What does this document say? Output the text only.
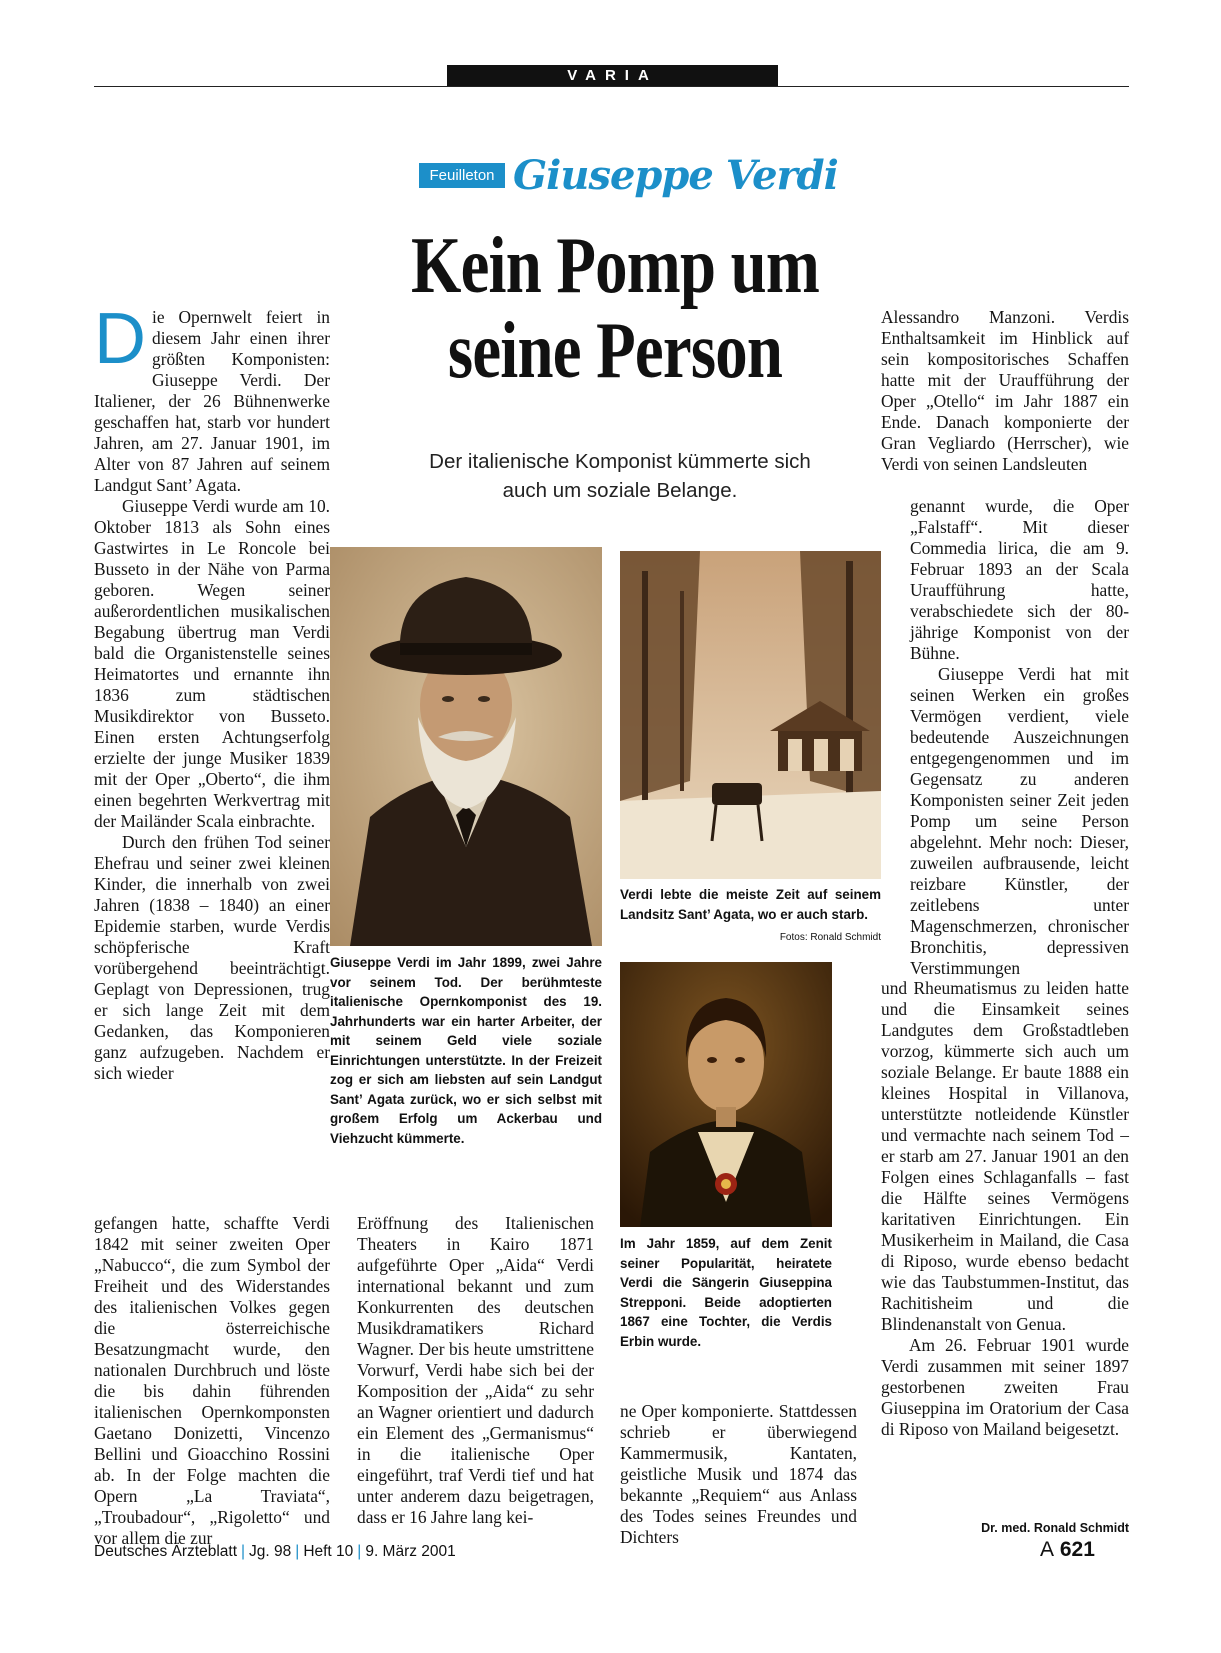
VARIA
Feuilleton Giuseppe Verdi
Kein Pomp um
seine Person
Der italienische Komponist kümmerte sich
auch um soziale Belange.

Die Opernwelt feiert in diesem Jahr einen ihrer größten Komponisten: Giuseppe Verdi. Der Italiener, der 26 Bühnenwerke geschaffen hat, starb vor hundert Jahren, am 27. Januar 1901, im Alter von 87 Jahren auf seinem Landgut Sant’ Agata.

Giuseppe Verdi wurde am 10. Oktober 1813 als Sohn eines Gastwirtes in Le Roncole bei Busseto in der Nähe von Parma geboren. Wegen seiner außerordentlichen musikalischen Begabung übertrug man Verdi bald die Organistenstelle seines Heimatortes und ernannte ihn 1836 zum städtischen Musikdirektor von Busseto. Einen ersten Achtungserfolg erzielte der junge Musiker 1839 mit der Oper „Oberto“, die ihm einen begehrten Werkvertrag mit der Mailänder Scala einbrachte.

Durch den frühen Tod seiner Ehefrau und seiner zwei kleinen Kinder, die innerhalb von zwei Jahren (1838 – 1840) an einer Epidemie starben, wurde Verdis schöpferische Kraft vorübergehend beeinträchtigt. Geplagt von Depressionen, trug er sich lange Zeit mit dem Gedanken, das Komponieren ganz aufzugeben. Nachdem er sich wieder

gefangen hatte, schaffte Verdi 1842 mit seiner zweiten Oper „Nabucco“, die zum Symbol der Freiheit und des Widerstandes des italienischen Volkes gegen die österreichische Besatzungmacht wurde, den nationalen Durchbruch und löste die bis dahin führenden italienischen Opernkomponsten Gaetano Donizetti, Vincenzo Bellini und Gioacchino Rossini ab. In der Folge machten die Opern „La Traviata“, „Troubadour“, „Rigoletto“ und vor allem die zur

Giuseppe Verdi im Jahr 1899, zwei Jahre vor seinem Tod. Der berühmteste italienische Opernkomponist des 19. Jahrhunderts war ein harter Arbeiter, der mit seinem Geld viele soziale Einrichtungen unterstützte. In der Freizeit zog er sich am liebsten auf sein Landgut Sant’ Agata zurück, wo er sich selbst mit großem Erfolg um Ackerbau und Viehzucht kümmerte.
Verdi lebte die meiste Zeit auf seinem Landsitz Sant’ Agata, wo er auch starb.
Fotos: Ronald Schmidt
Im Jahr 1859, auf dem Zenit seiner Popularität, heiratete Verdi die Sängerin Giuseppina Strepponi. Beide adoptierten 1867 eine Tochter, die Verdis Erbin wurde.

Eröffnung des Italienischen Theaters in Kairo 1871 aufgeführte Oper „Aida“ Verdi international bekannt und zum Konkurrenten des deutschen Musikdramatikers Richard Wagner. Der bis heute umstrittene Vorwurf, Verdi habe sich bei der Komposition der „Aida“ zu sehr an Wagner orientiert und dadurch ein Element des „Germanismus“ in die italienische Oper eingeführt, traf Verdi tief und hat unter anderem dazu beigetragen, dass er 16 Jahre lang kei-

ne Oper komponierte. Stattdessen schrieb er überwiegend Kammermusik, Kantaten, geistliche Musik und 1874 das bekannte „Requiem“ aus Anlass des Todes seines Freundes und Dichters

Alessandro Manzoni. Verdis Enthaltsamkeit im Hinblick auf sein kompositorisches Schaffen hatte mit der Uraufführung der Oper „Otello“ im Jahr 1887 ein Ende. Danach komponierte der Gran Vegliardo (Herrscher), wie Verdi von seinen Landsleuten

genannt wurde, die Oper „Falstaff“. Mit dieser Commedia lirica, die am 9. Februar 1893 an der Scala Uraufführung hatte, verabschiedete sich der 80-jährige Komponist von der Bühne.

Giuseppe Verdi hat mit seinen Werken ein großes Vermögen verdient, viele bedeutende Auszeichnungen entgegengenommen und im Gegensatz zu anderen Komponisten seiner Zeit jeden Pomp um seine Person abgelehnt. Mehr noch: Dieser, zuweilen aufbrausende, leicht reizbare Künstler, der zeitlebens unter Magenschmerzen, chronischer Bronchitis, depressiven Verstimmungen

und Rheumatismus zu leiden hatte und die Einsamkeit seines Landgutes dem Großstadtleben vorzog, kümmerte sich auch um soziale Belange. Er baute 1888 ein kleines Hospital in Villanova, unterstützte notleidende Künstler und vermachte nach seinem Tod – er starb am 27. Januar 1901 an den Folgen eines Schlaganfalls – fast die Hälfte seines Vermögens karitativen Einrichtungen. Ein Musikerheim in Mailand, die Casa di Riposo, wurde ebenso bedacht wie das Taubstummen-Institut, das Rachitisheim und die Blindenanstalt von Genua.

Am 26. Februar 1901 wurde Verdi zusammen mit seiner 1897 gestorbenen zweiten Frau Giuseppina im Oratorium der Casa di Riposo von Mailand beigesetzt.

Dr. med. Ronald Schmidt
Deutsches Ärzteblatt | Jg. 98 | Heft 10 | 9. März 2001	A 621
